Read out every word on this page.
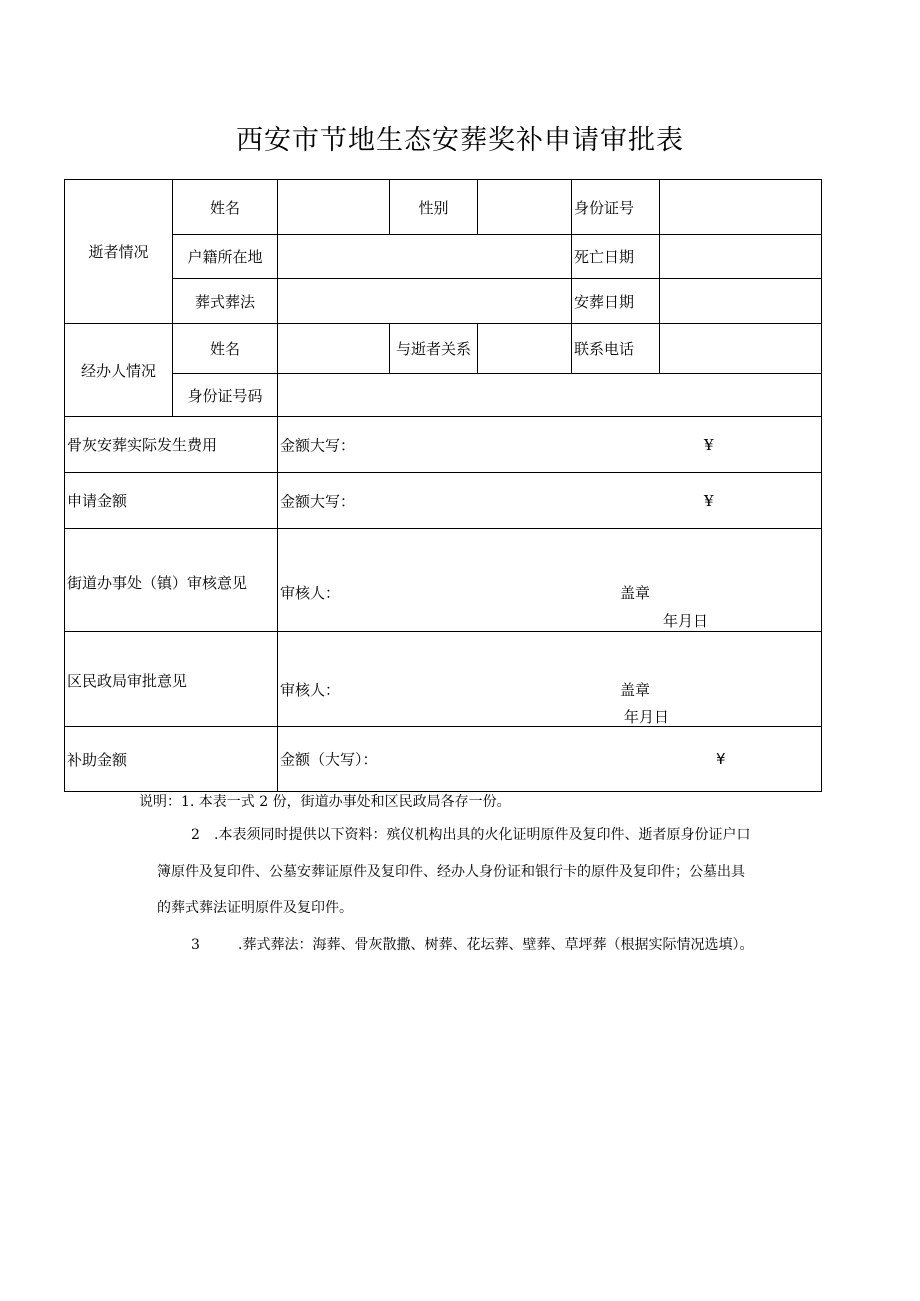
西安市节地生态安葬奖补申请审批表
逝者情况	姓名		性别		身份证号	
	户籍所在地				死亡日期	
	葬式葬法				安葬日期	
经办人情况	姓名		与逝者关系		联系电话	
	身份证号码					
骨灰安葬实际发生费用		金额大写： ¥				

申请金额		金额大写： ¥				

街道办事处（镇）审核意见		审核人： 盖章
年月日				

区民政局审批意见		审核人： 盖章
年月日				

补助金额		金额（大写）： ¥				
说明：1. 本表一式 2 份，街道办事处和区民政局各存一份。
2 .本表须同时提供以下资料：殡仪机构出具的火化证明原件及复印件、逝者原身份证户口
簿原件及复印件、公墓安葬证原件及复印件、经办人身份证和银行卡的原件及复印件；公墓出具
的葬式葬法证明原件及复印件。
3	.葬式葬法：海葬、骨灰散撒、树葬、花坛葬、壁葬、草坪葬（根据实际情况选填）。
